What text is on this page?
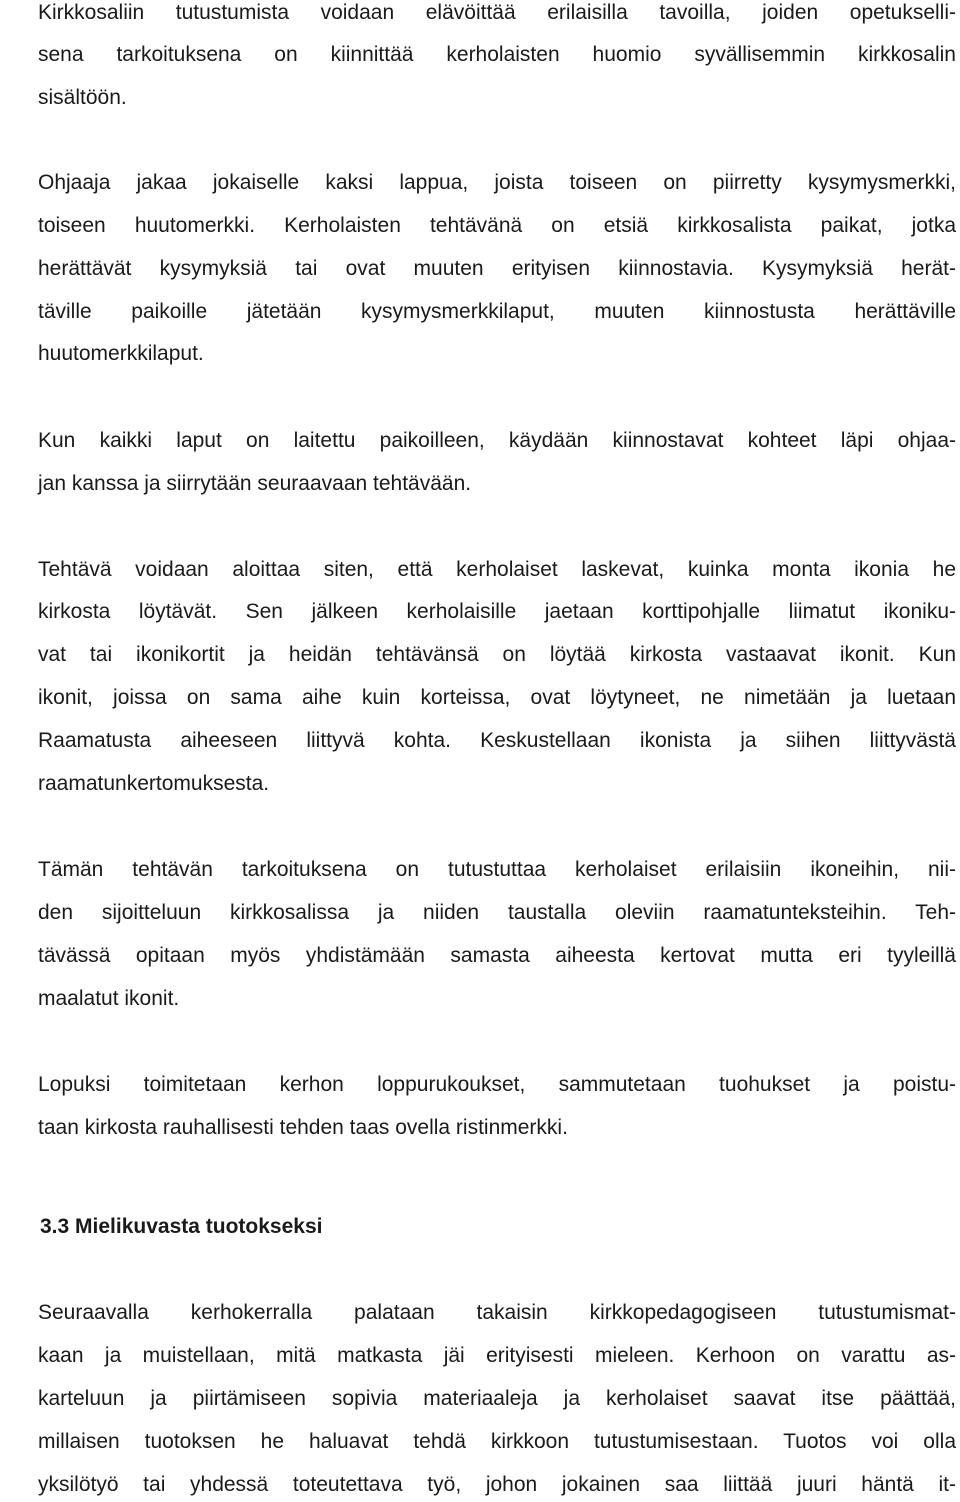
Kirkkosaliin tutustumista voidaan elävöittää erilaisilla tavoilla, joiden opetukselli-
sena tarkoituksena on kiinnittää kerholaisten huomio syvällisemmin kirkkosalin
sisältöön.
Ohjaaja jakaa jokaiselle kaksi lappua, joista toiseen on piirretty kysymysmerkki,
toiseen huutomerkki. Kerholaisten tehtävänä on etsiä kirkkosalista paikat, jotka
herättävät kysymyksiä tai ovat muuten erityisen kiinnostavia. Kysymyksiä herät-
täville paikoille jätetään kysymysmerkkilaput, muuten kiinnostusta herättäville
huutomerkkilaput.
Kun kaikki laput on laitettu paikoilleen, käydään kiinnostavat kohteet läpi ohjaa-
jan kanssa ja siirrytään seuraavaan tehtävään.
Tehtävä voidaan aloittaa siten, että kerholaiset laskevat, kuinka monta ikonia he
kirkosta löytävät. Sen jälkeen kerholaisille jaetaan korttipohjalle liimatut ikoniku-
vat tai ikonikortit ja heidän tehtävänsä on löytää kirkosta vastaavat ikonit. Kun
ikonit, joissa on sama aihe kuin korteissa, ovat löytyneet, ne nimetään ja luetaan
Raamatusta aiheeseen liittyvä kohta. Keskustellaan ikonista ja siihen liittyvästä
raamatunkertomuksesta.
Tämän tehtävän tarkoituksena on tutustuttaa kerholaiset erilaisiin ikoneihin, nii-
den sijoitteluun kirkkosalissa ja niiden taustalla oleviin raamatunteksteihin. Teh-
tävässä opitaan myös yhdistämään samasta aiheesta kertovat mutta eri tyyleillä
maalatut ikonit.
Lopuksi toimitetaan kerhon loppurukoukset, sammutetaan tuohukset ja poistu-
taan kirkosta rauhallisesti tehden taas ovella ristinmerkki.
3.3 Mielikuvasta tuotokseksi
Seuraavalla kerhokerralla palataan takaisin kirkkopedagogiseen tutustumismat-
kaan ja muistellaan, mitä matkasta jäi erityisesti mieleen. Kerhoon on varattu as-
karteluun ja piirtämiseen sopivia materiaaleja ja kerholaiset saavat itse päättää,
millaisen tuotoksen he haluavat tehdä kirkkoon tutustumisestaan. Tuotos voi olla
yksilötyö tai yhdessä toteutettava työ, johon jokainen saa liittää juuri häntä it-
